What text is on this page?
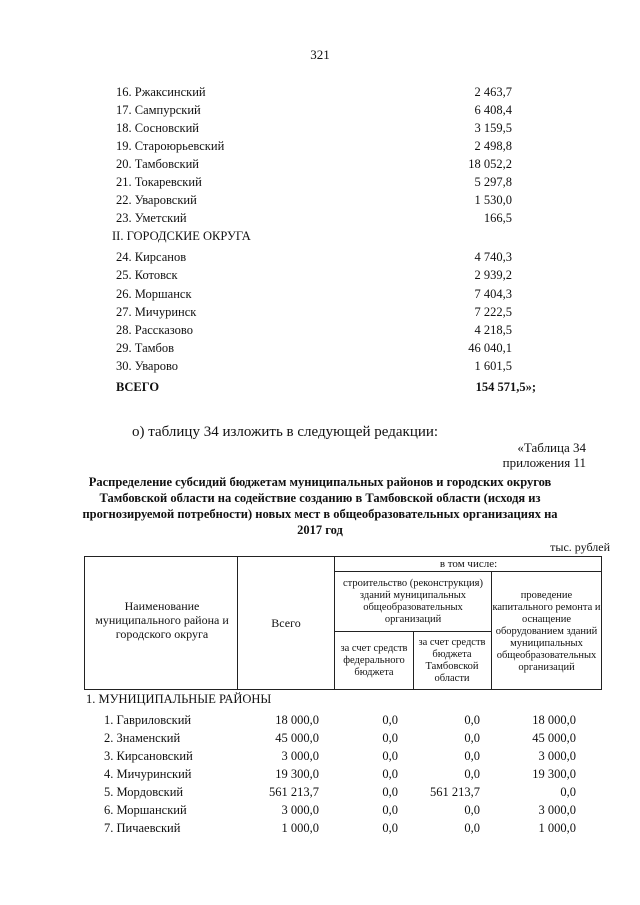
321
16. Ржаксинский	2 463,7
17. Сампурский	6 408,4
18. Сосновский	3 159,5
19. Староюрьевский	2 498,8
20. Тамбовский	18 052,2
21. Токаревский	5 297,8
22. Уваровский	1 530,0
23. Уметский	166,5
II. ГОРОДСКИЕ ОКРУГА
24. Кирсанов	4 740,3
25. Котовск	2 939,2
26. Моршанск	7 404,3
27. Мичуринск	7 222,5
28. Рассказово	4 218,5
29. Тамбов	46 040,1
30. Уварово	1 601,5
ВСЕГО	154 571,5»;
о) таблицу 34 изложить в следующей редакции:
«Таблица 34
приложения 11
Распределение субсидий бюджетам муниципальных районов и городских округов Тамбовской области на содействие созданию в Тамбовской области (исходя из прогнозируемой потребности) новых мест в общеобразовательных организациях на 2017 год
тыс. рублей
Наименование муниципального района и городского округа
Всего
в том числе:
строительство (реконструкция) зданий муниципальных общеобразовательных организаций
за счет средств федерального бюджета
за счет средств бюджета Тамбовской области
проведение капитального ремонта и оснащение оборудованием зданий муниципальных общеобразовательных организаций
1. МУНИЦИПАЛЬНЫЕ РАЙОНЫ
1. Гавриловский	18 000,0	0,0	0,0	18 000,0
2. Знаменский	45 000,0	0,0	0,0	45 000,0
3. Кирсановский	3 000,0	0,0	0,0	3 000,0
4. Мичуринский	19 300,0	0,0	0,0	19 300,0
5. Мордовский	561 213,7	0,0	561 213,7	0,0
6. Моршанский	3 000,0	0,0	0,0	3 000,0
7. Пичаевский	1 000,0	0,0	0,0	1 000,0
